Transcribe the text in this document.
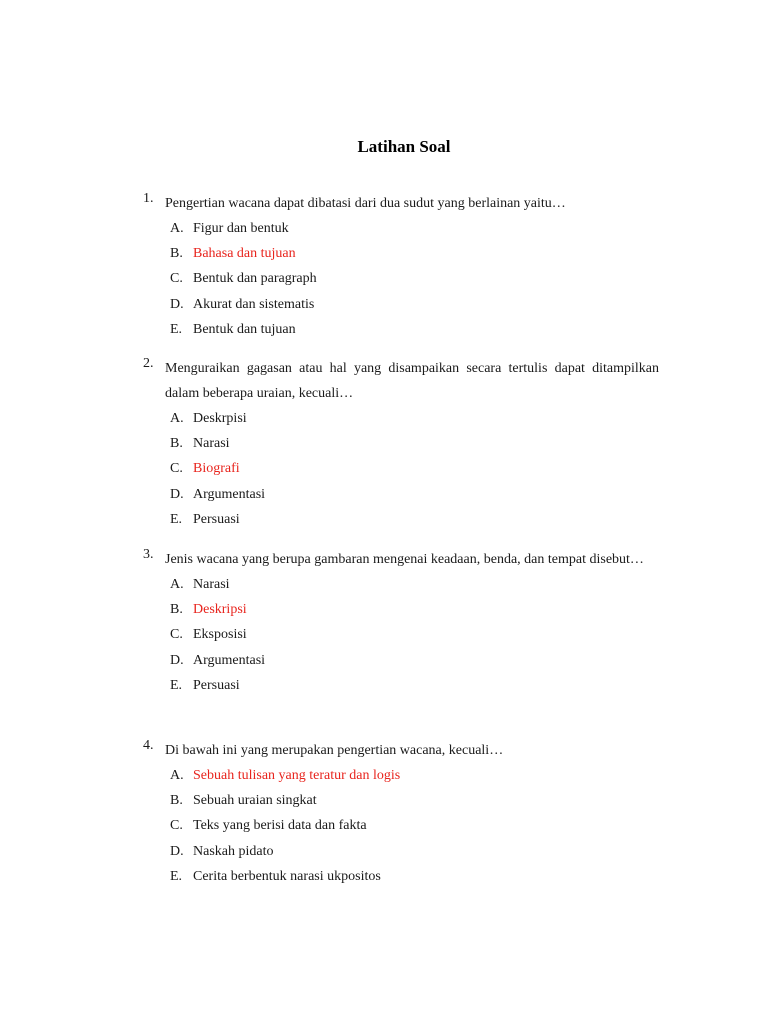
Latihan Soal
1. Pengertian wacana dapat dibatasi dari dua sudut yang berlainan yaitu…
A. Figur dan bentuk
B. Bahasa dan tujuan
C. Bentuk dan paragraph
D. Akurat dan sistematis
E. Bentuk dan tujuan
2. Menguraikan gagasan atau hal yang disampaikan secara tertulis dapat ditampilkan dalam beberapa uraian, kecuali…
A. Deskrpisi
B. Narasi
C. Biografi
D. Argumentasi
E. Persuasi
3. Jenis wacana yang berupa gambaran mengenai keadaan, benda, dan tempat disebut…
A. Narasi
B. Deskripsi
C. Eksposisi
D. Argumentasi
E. Persuasi
4. Di bawah ini yang merupakan pengertian wacana, kecuali…
A. Sebuah tulisan yang teratur dan logis
B. Sebuah uraian singkat
C. Teks yang berisi data dan fakta
D. Naskah pidato
E. Cerita berbentuk narasi ukpositos
